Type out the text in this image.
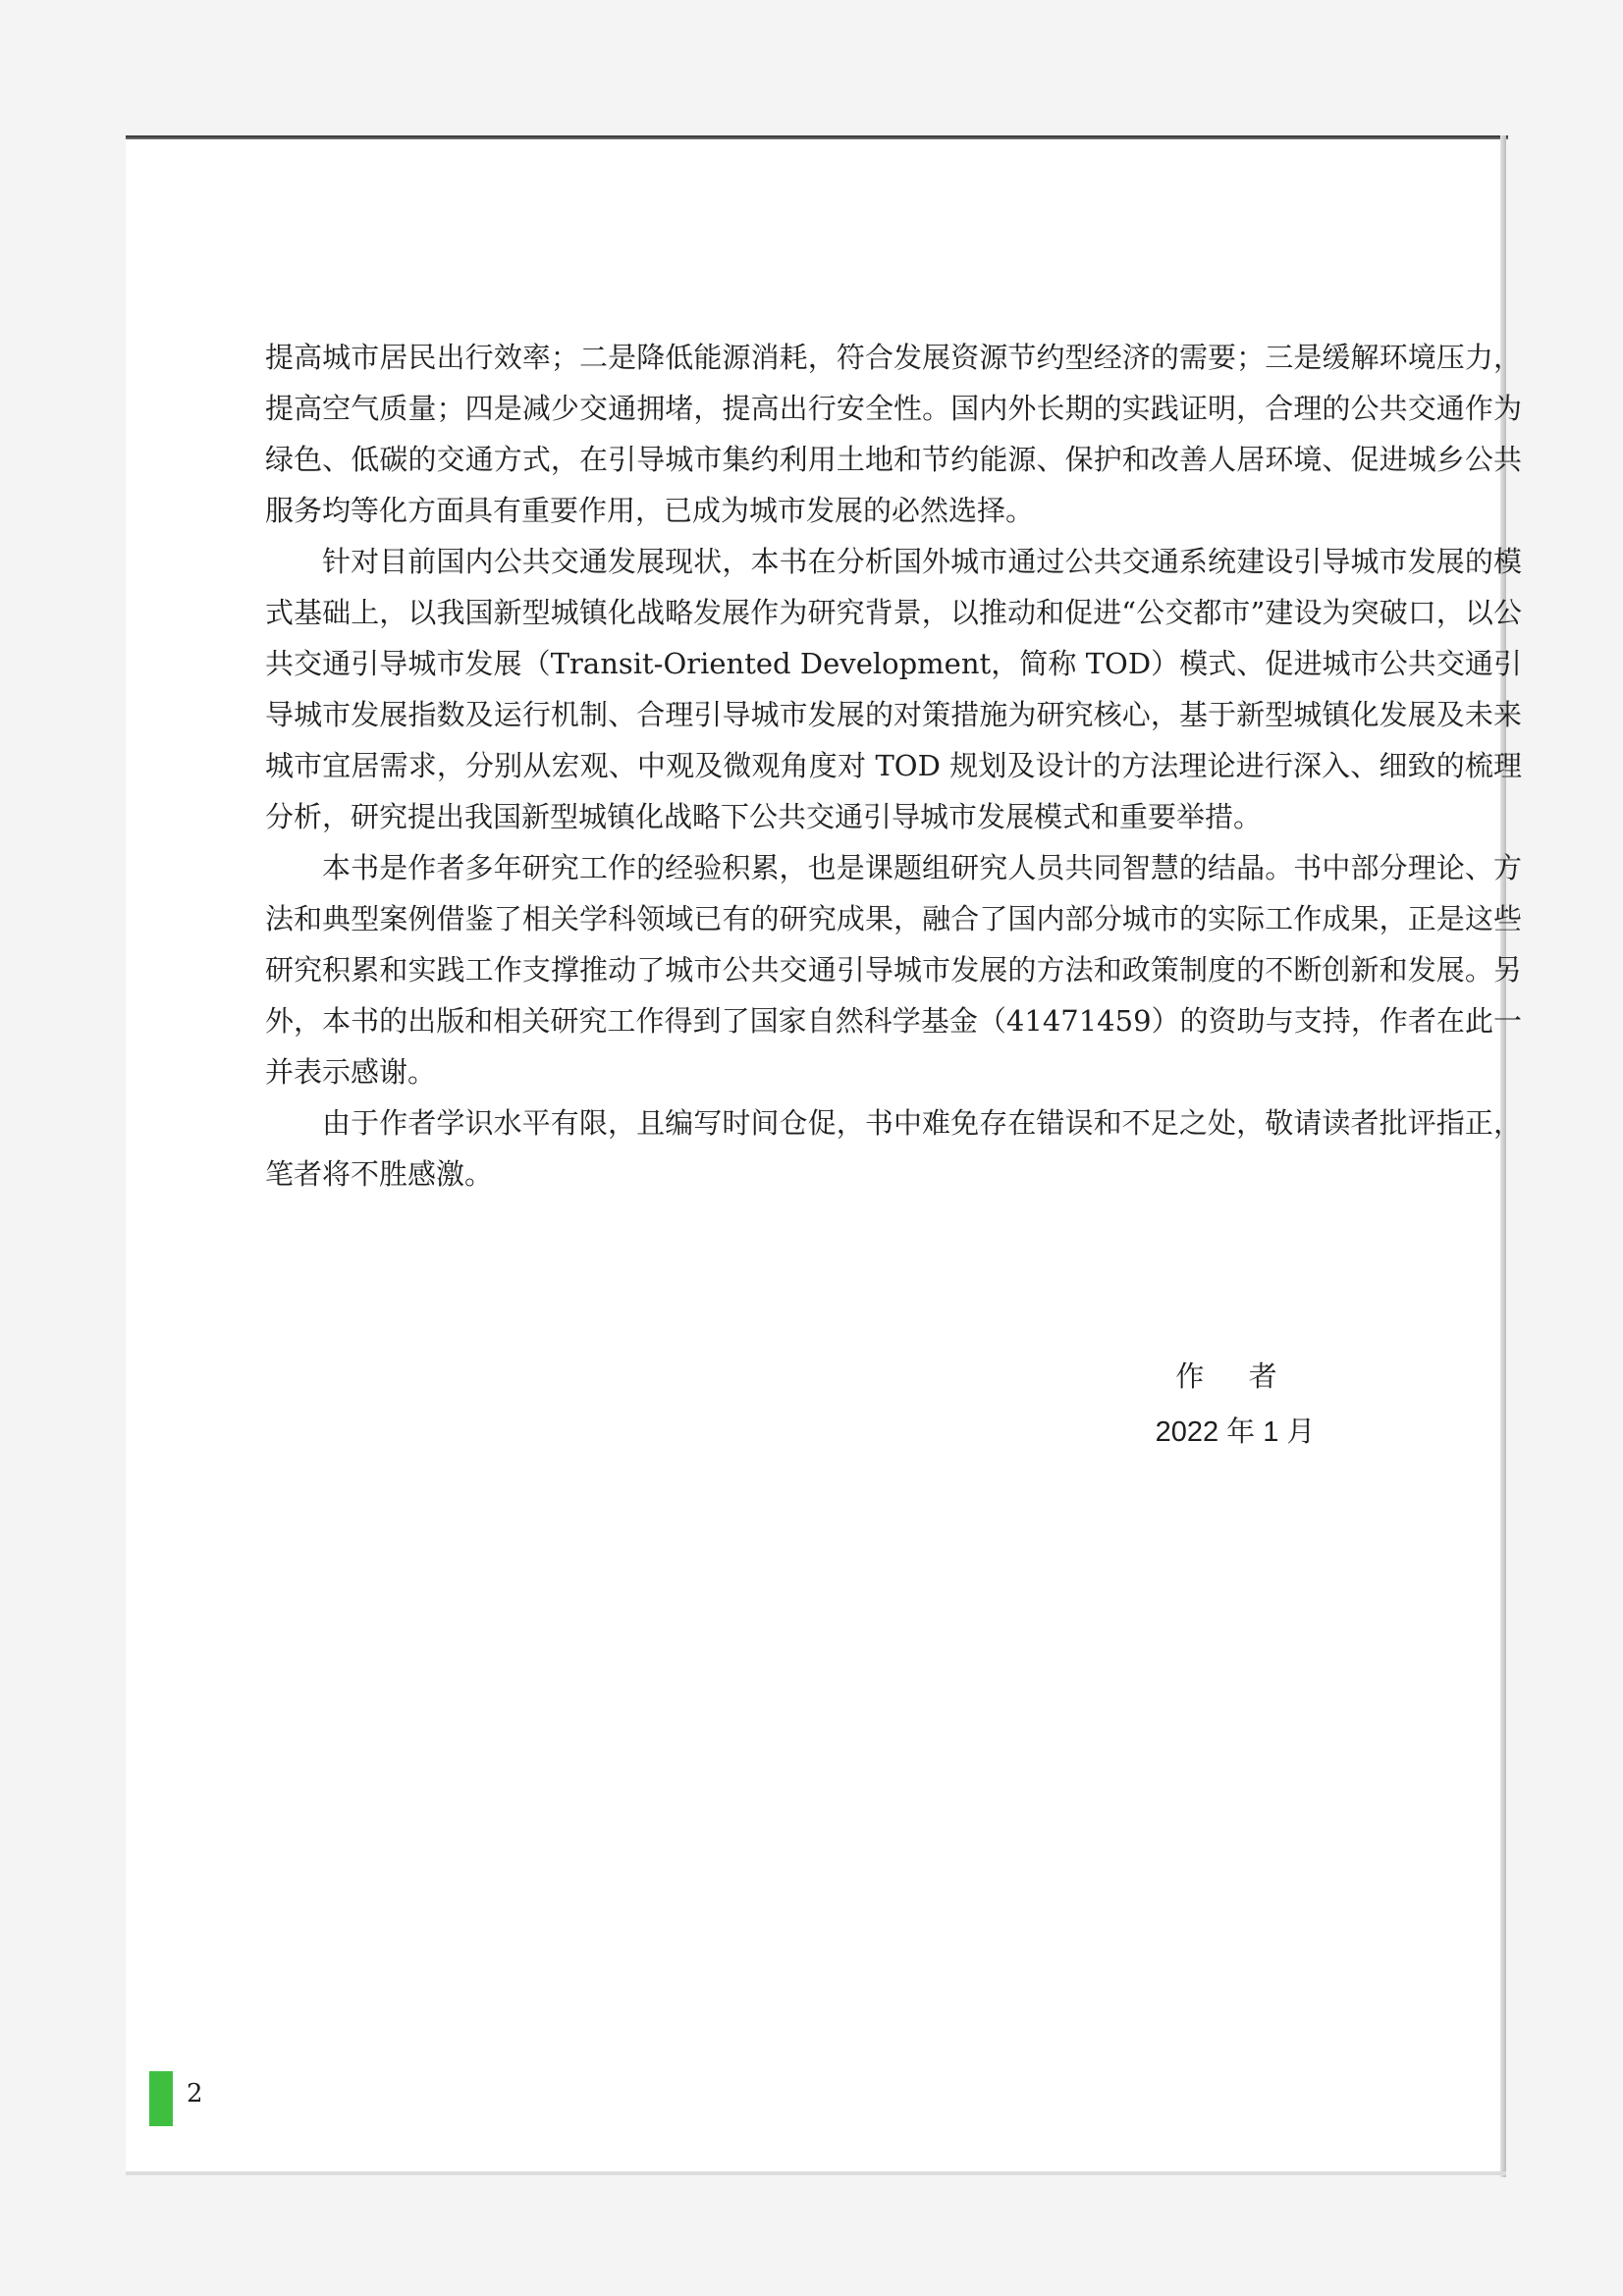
提高城市居民出行效率；二是降低能源消耗，符合发展资源节约型经济的需要；三是缓解环境压力，提高空气质量；四是减少交通拥堵，提高出行安全性。国内外长期的实践证明，合理的公共交通作为绿色、低碳的交通方式，在引导城市集约利用土地和节约能源、保护和改善人居环境、促进城乡公共服务均等化方面具有重要作用，已成为城市发展的必然选择。

针对目前国内公共交通发展现状，本书在分析国外城市通过公共交通系统建设引导城市发展的模式基础上，以我国新型城镇化战略发展作为研究背景，以推动和促进“公交都市”建设为突破口，以公共交通引导城市发展（Transit-Oriented Development，简称 TOD）模式、促进城市公共交通引导城市发展指数及运行机制、合理引导城市发展的对策措施为研究核心，基于新型城镇化发展及未来城市宜居需求，分别从宏观、中观及微观角度对 TOD 规划及设计的方法理论进行深入、细致的梳理分析，研究提出我国新型城镇化战略下公共交通引导城市发展模式和重要举措。

本书是作者多年研究工作的经验积累，也是课题组研究人员共同智慧的结晶。书中部分理论、方法和典型案例借鉴了相关学科领域已有的研究成果，融合了国内部分城市的实际工作成果，正是这些研究积累和实践工作支撑推动了城市公共交通引导城市发展的方法和政策制度的不断创新和发展。另外，本书的出版和相关研究工作得到了国家自然科学基金（41471459）的资助与支持，作者在此一并表示感谢。

由于作者学识水平有限，且编写时间仓促，书中难免存在错误和不足之处，敬请读者批评指正，笔者将不胜感激。

作 者
2022 年 1 月
2
